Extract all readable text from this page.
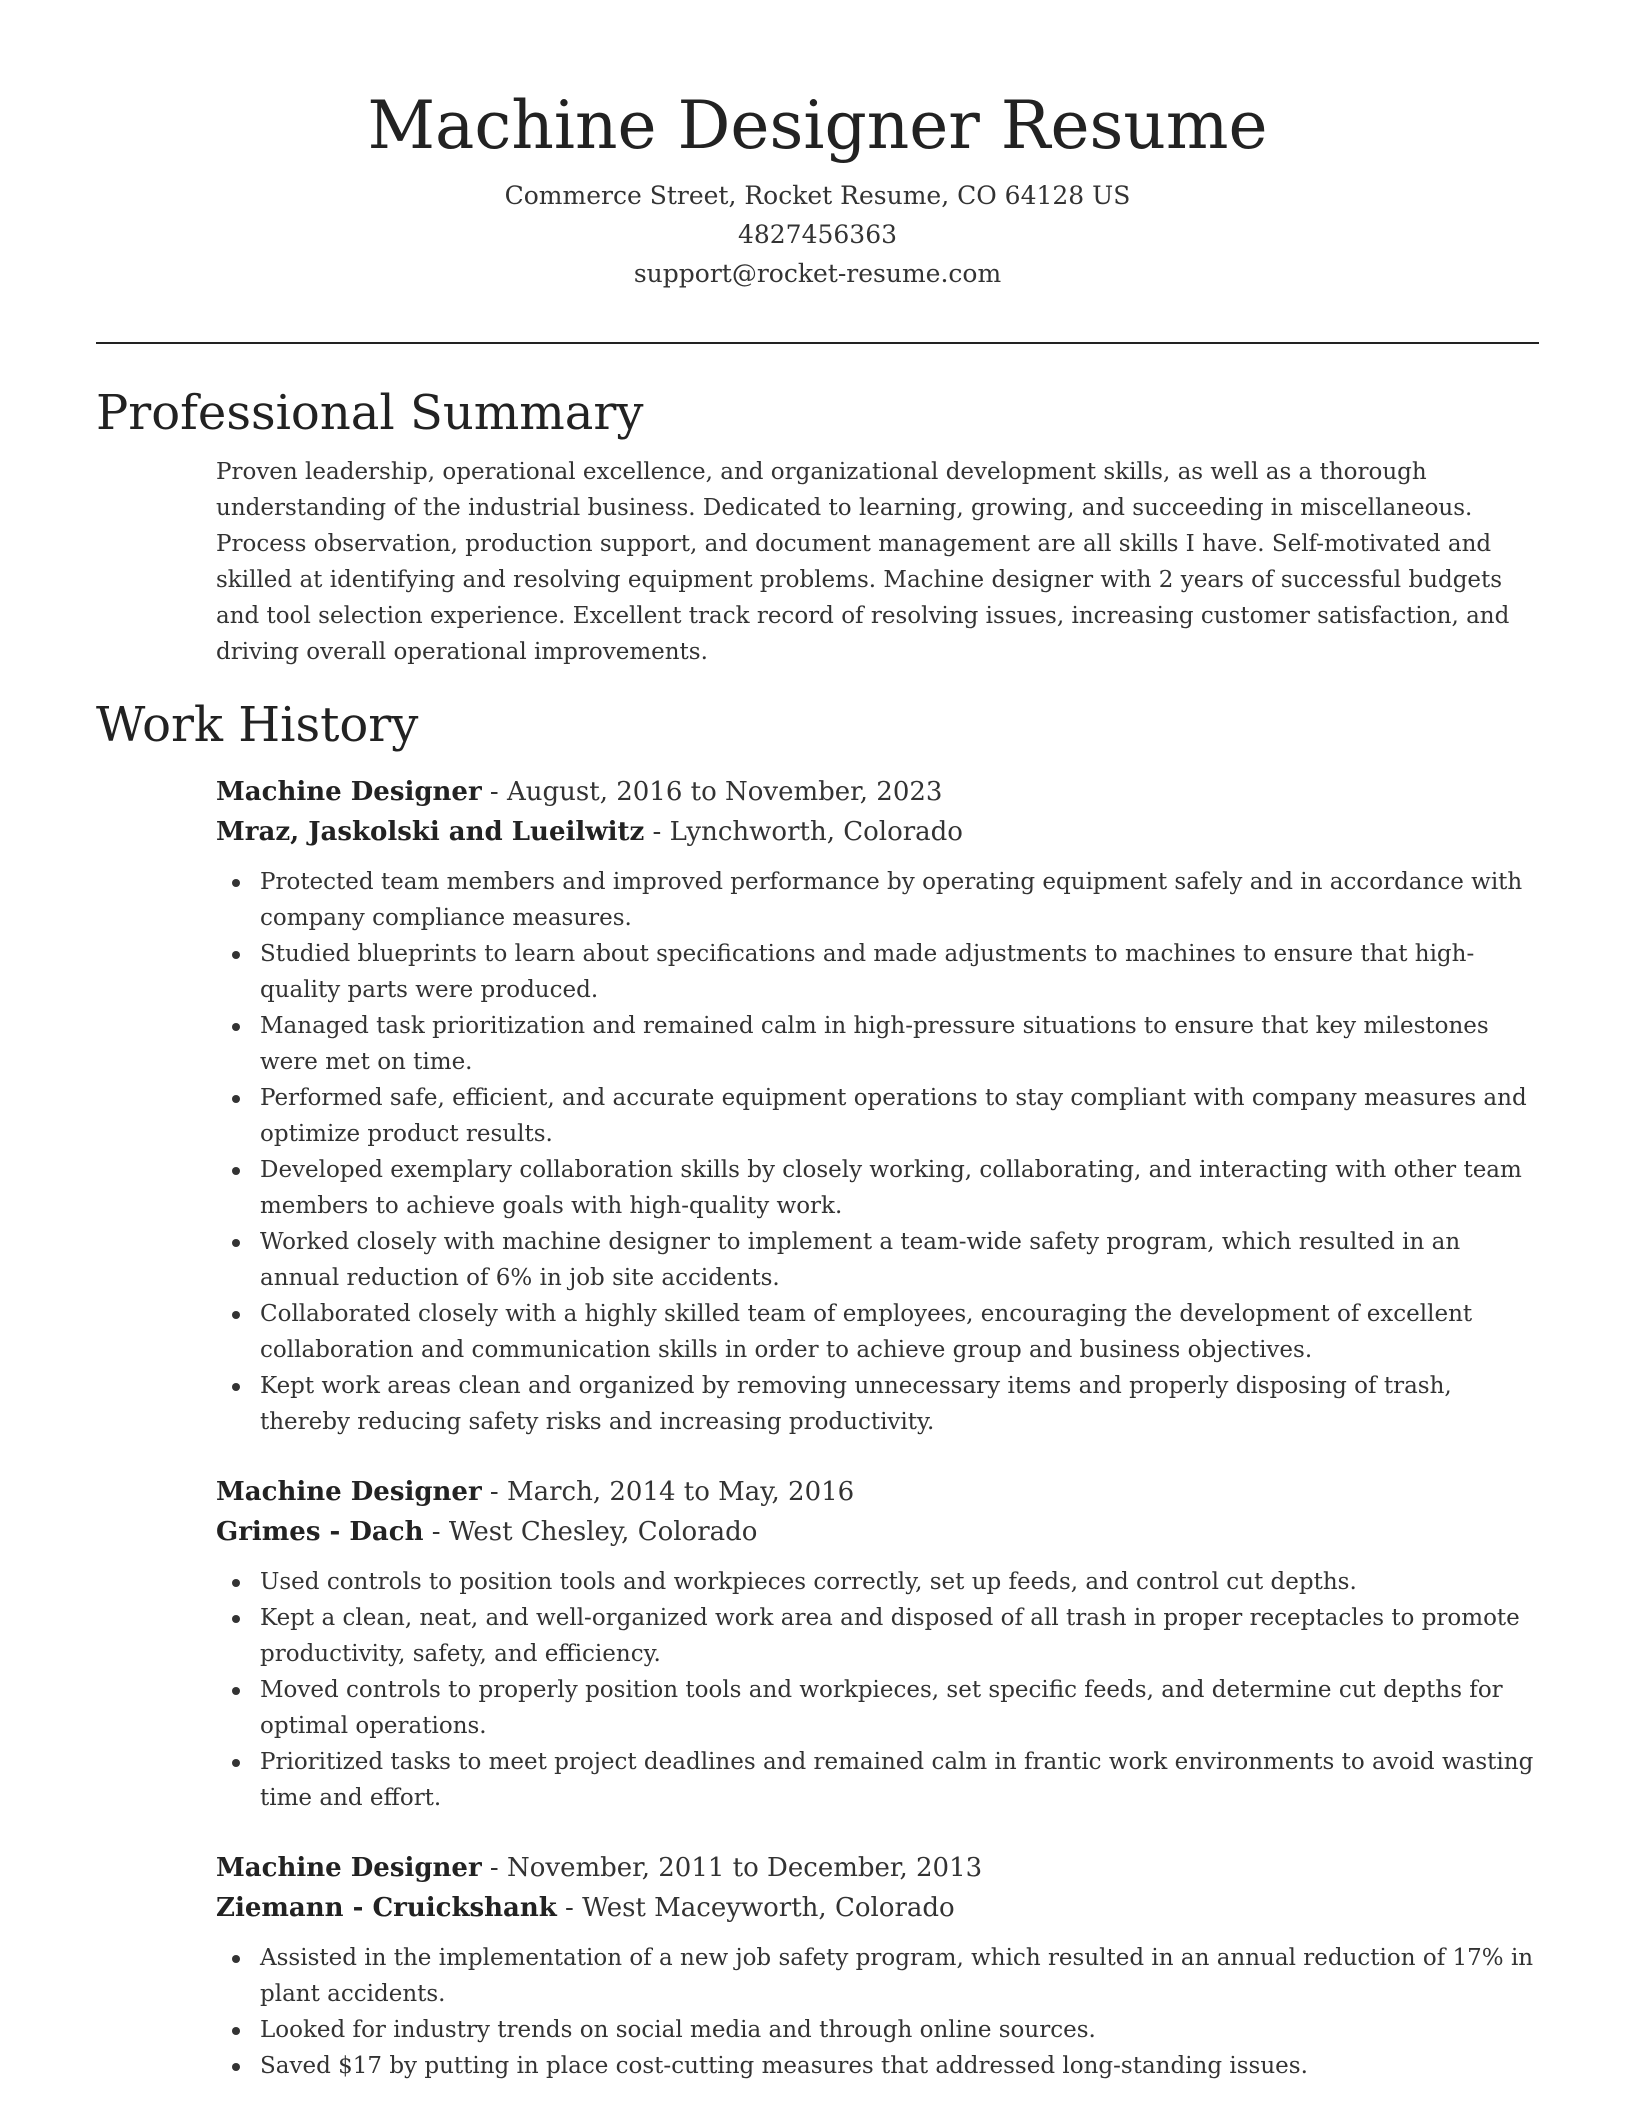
Machine Designer Resume
Commerce Street, Rocket Resume, CO 64128 US
4827456363
support@rocket-resume.com
Professional Summary

Proven leadership, operational excellence, and organizational development skills, as well as a thorough understanding of the industrial business. Dedicated to learning, growing, and succeeding in miscellaneous. Process observation, production support, and document management are all skills I have. Self-motivated and skilled at identifying and resolving equipment problems. Machine designer with 2 years of successful budgets and tool selection experience. Excellent track record of resolving issues, increasing customer satisfaction, and driving overall operational improvements.

Work History
Machine Designer - August, 2016 to November, 2023
Mraz, Jaskolski and Lueilwitz - Lynchworth, Colorado
Protected team members and improved performance by operating equipment safely and in accordance with company compliance measures.
Studied blueprints to learn about specifications and made adjustments to machines to ensure that high-quality parts were produced.
Managed task prioritization and remained calm in high-pressure situations to ensure that key milestones were met on time.
Performed safe, efficient, and accurate equipment operations to stay compliant with company measures and optimize product results.
Developed exemplary collaboration skills by closely working, collaborating, and interacting with other team members to achieve goals with high-quality work.
Worked closely with machine designer to implement a team-wide safety program, which resulted in an annual reduction of 6% in job site accidents.
Collaborated closely with a highly skilled team of employees, encouraging the development of excellent collaboration and communication skills in order to achieve group and business objectives.
Kept work areas clean and organized by removing unnecessary items and properly disposing of trash, thereby reducing safety risks and increasing productivity.
Machine Designer - March, 2014 to May, 2016
Grimes - Dach - West Chesley, Colorado
Used controls to position tools and workpieces correctly, set up feeds, and control cut depths.
Kept a clean, neat, and well-organized work area and disposed of all trash in proper receptacles to promote productivity, safety, and efficiency.
Moved controls to properly position tools and workpieces, set specific feeds, and determine cut depths for optimal operations.
Prioritized tasks to meet project deadlines and remained calm in frantic work environments to avoid wasting time and effort.
Machine Designer - November, 2011 to December, 2013
Ziemann - Cruickshank - West Maceyworth, Colorado
Assisted in the implementation of a new job safety program, which resulted in an annual reduction of 17% in plant accidents.
Looked for industry trends on social media and through online sources.
Saved $17 by putting in place cost-cutting measures that addressed long-standing issues.
